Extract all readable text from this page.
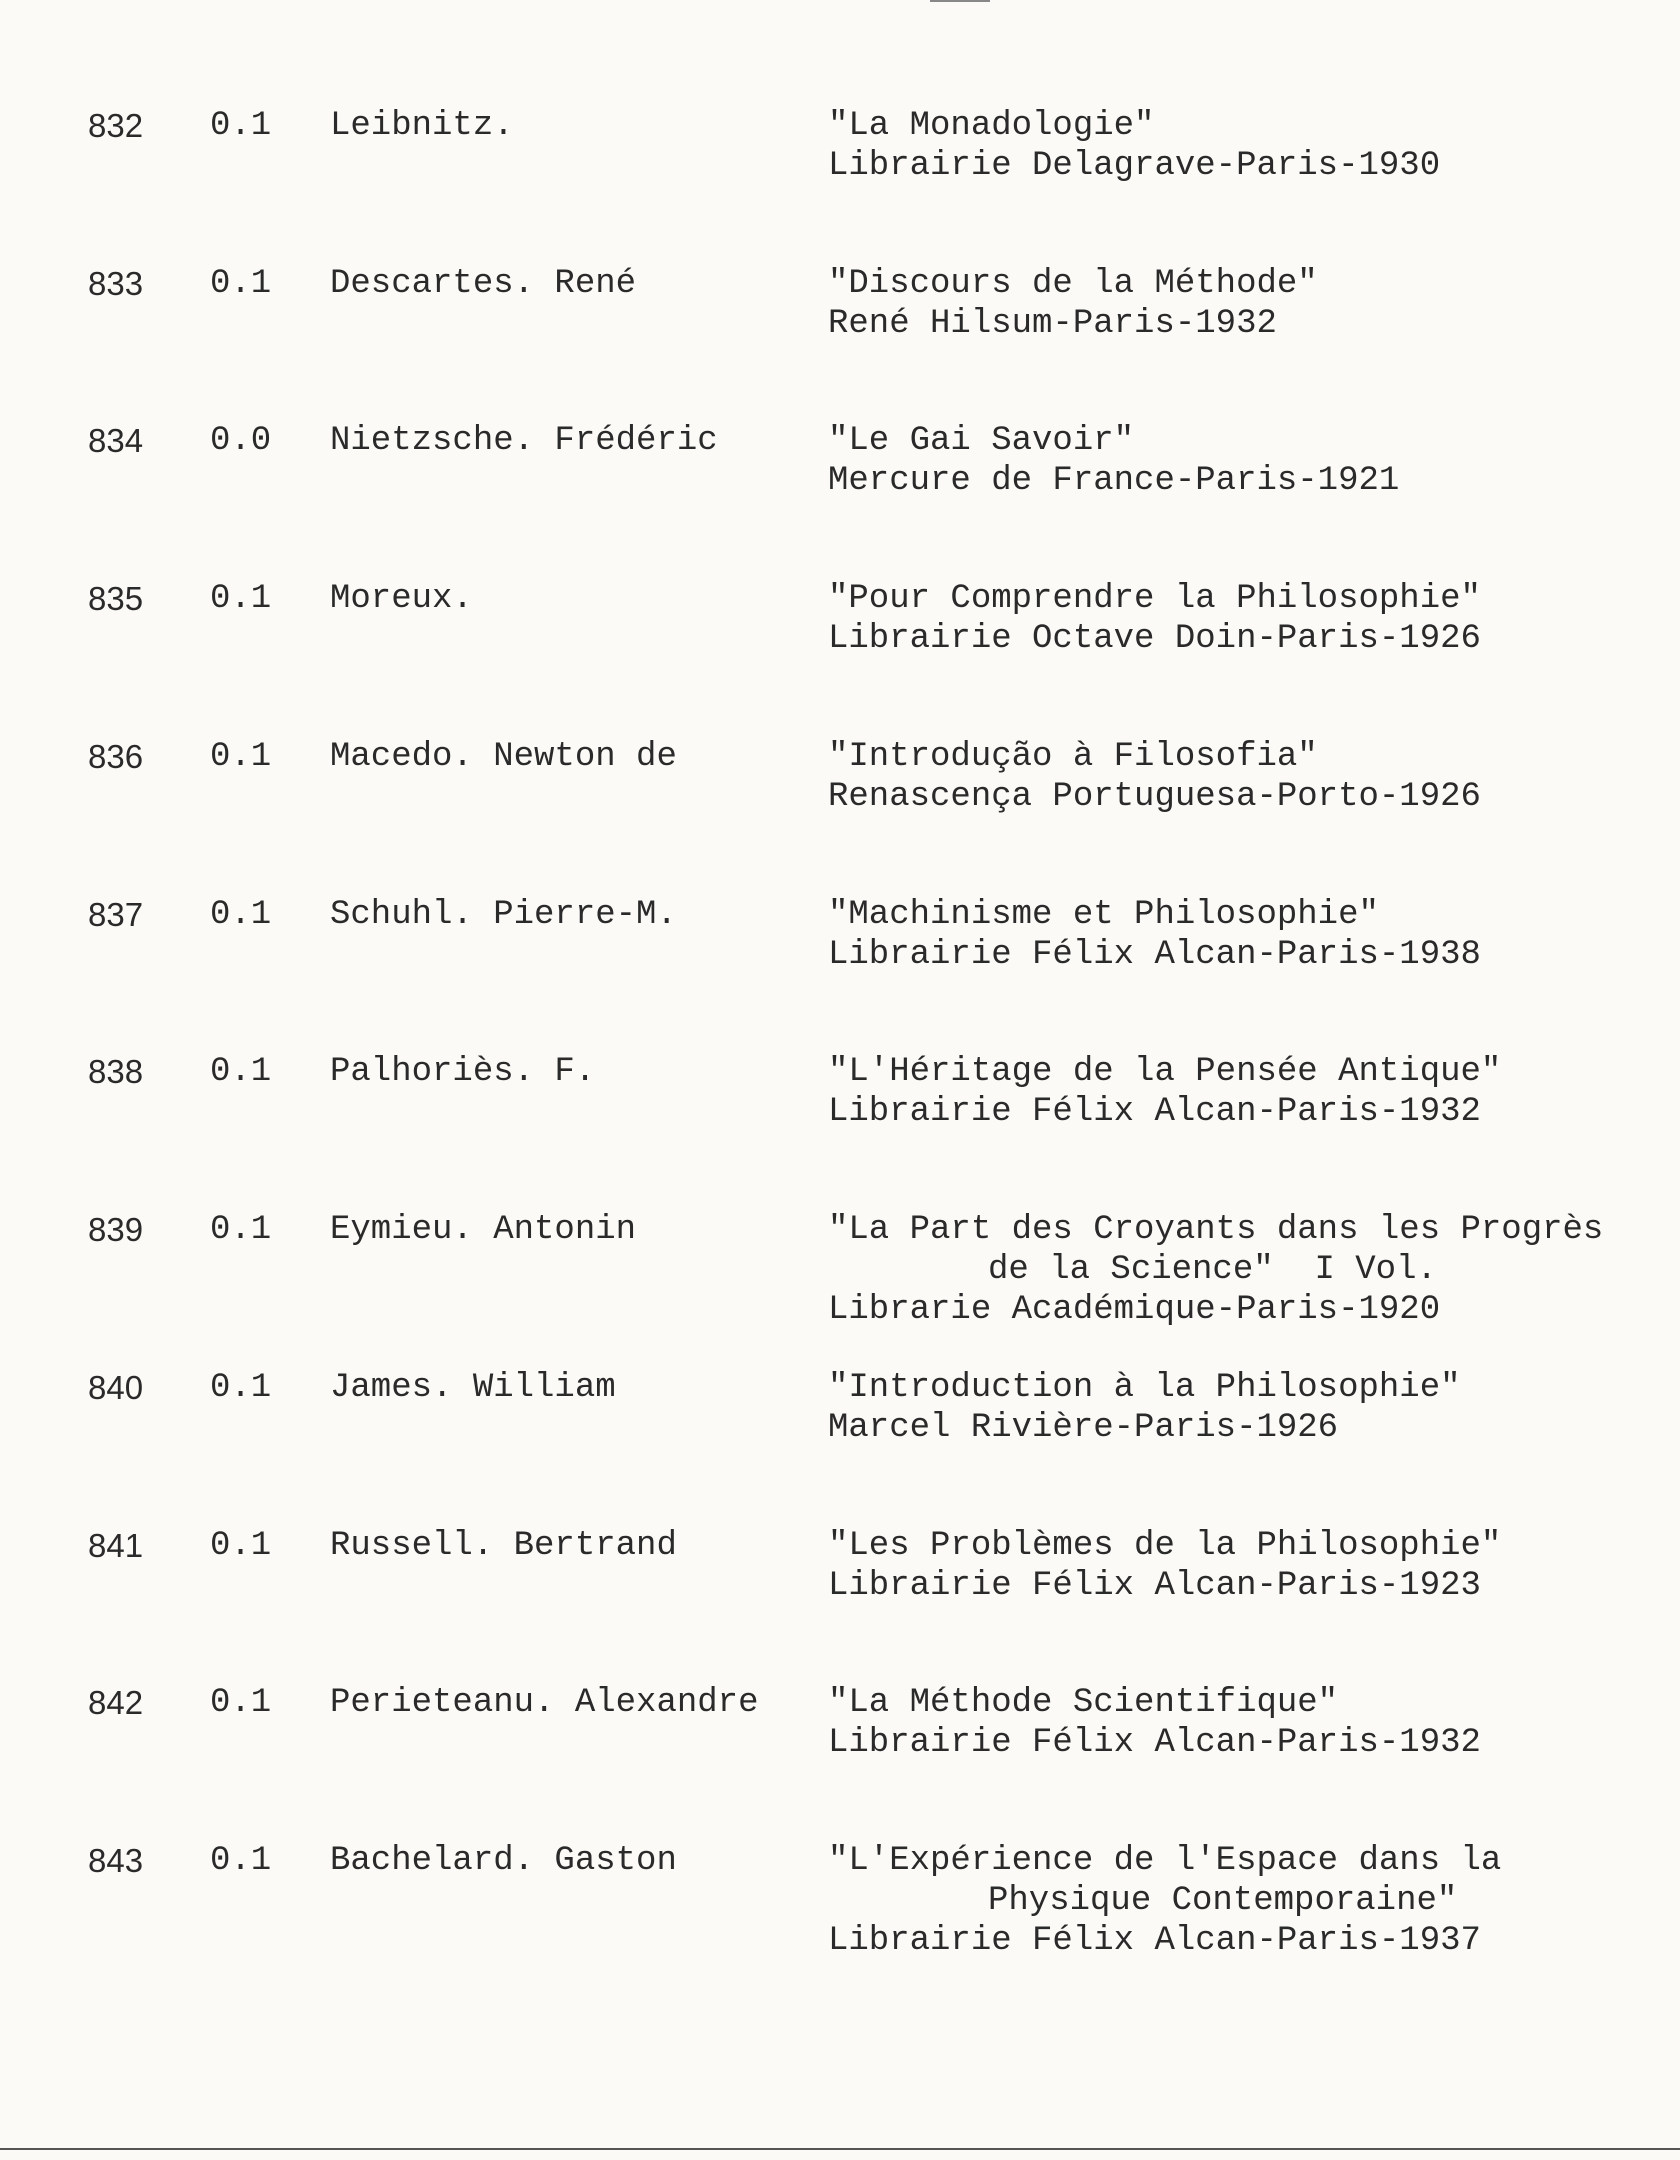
832 0.1 Leibnitz.	"La Monadologie"
Librairie Delagrave-Paris-1930
833 0.1 Descartes. René	"Discours de la Méthode"
René Hilsum-Paris-1932
834 0.0 Nietzsche. Frédéric	"Le Gai Savoir"
Mercure de France-Paris-1921
835 0.1 Moreux.	"Pour Comprendre la Philosophie"
Librairie Octave Doin-Paris-1926
836 0.1 Macedo. Newton de	"Introdução à Filosofia"
Renascença Portuguesa-Porto-1926
837 0.1 Schuhl. Pierre-M.	"Machinisme et Philosophie"
Librairie Félix Alcan-Paris-1938
838 0.1 Palhoriès. F.	"L'Héritage de la Pensée Antique"
Librairie Félix Alcan-Paris-1932
839 0.1 Eymieu. Antonin	"La Part des Croyants dans les Progrès
de la Science"  I Vol.
Librarie Académique-Paris-1920
840 0.1 James. William	"Introduction à la Philosophie"
Marcel Rivière-Paris-1926
841 0.1 Russell. Bertrand	"Les Problèmes de la Philosophie"
Librairie Félix Alcan-Paris-1923
842 0.1 Perieteanu. Alexandre "La Méthode Scientifique"
Librairie Félix Alcan-Paris-1932
843 0.1 Bachelard. Gaston	"L'Expérience de l'Espace dans la
Physique Contemporaine"
Librairie Félix Alcan-Paris-1937
